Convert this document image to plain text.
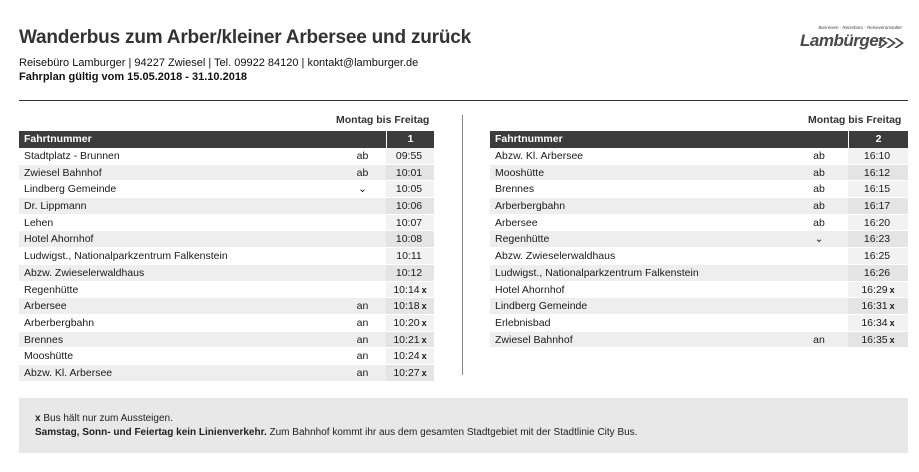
Wanderbus zum Arber/kleiner Arbersee und zurück
Reisebüro Lamburger | 94227 Zwiesel | Tel. 09922 84120 | kontakt@lamburger.de
Fahrplan gültig vom 15.05.2018 - 31.10.2018
Busreisen · Reisebüro · Reiseveranstalter
Lambürger
Montag bis Freitag
Fahrtnummer	1
Stadtplatz - Brunnen	ab	09:55
Zwiesel Bahnhof	ab	10:01
Lindberg Gemeinde	⌄	10:05
Dr. Lippmann	10:06
Lehen	10:07
Hotel Ahornhof	10:08
Ludwigst., Nationalparkzentrum Falkenstein	10:11
Abzw. Zwieselerwaldhaus	10:12
Regenhütte	10:14 x
Arbersee	an	10:18 x
Arberbergbahn	an	10:20 x
Brennes	an	10:21 x
Mooshütte	an	10:24 x
Abzw. Kl. Arbersee	an	10:27 x
Montag bis Freitag
Fahrtnummer	2
Abzw. Kl. Arbersee	ab	16:10
Mooshütte	ab	16:12
Brennes	ab	16:15
Arberbergbahn	ab	16:17
Arbersee	ab	16:20
Regenhütte	⌄	16:23
Abzw. Zwieselerwaldhaus	16:25
Ludwigst., Nationalparkzentrum Falkenstein	16:26
Hotel Ahornhof	16:29 x
Lindberg Gemeinde	16:31 x
Erlebnisbad	16:34 x
Zwiesel Bahnhof	an	16:35 x
x Bus hält nur zum Aussteigen.
Samstag, Sonn- und Feiertag kein Linienverkehr. Zum Bahnhof kommt ihr aus dem gesamten Stadtgebiet mit der Stadtlinie City Bus.
